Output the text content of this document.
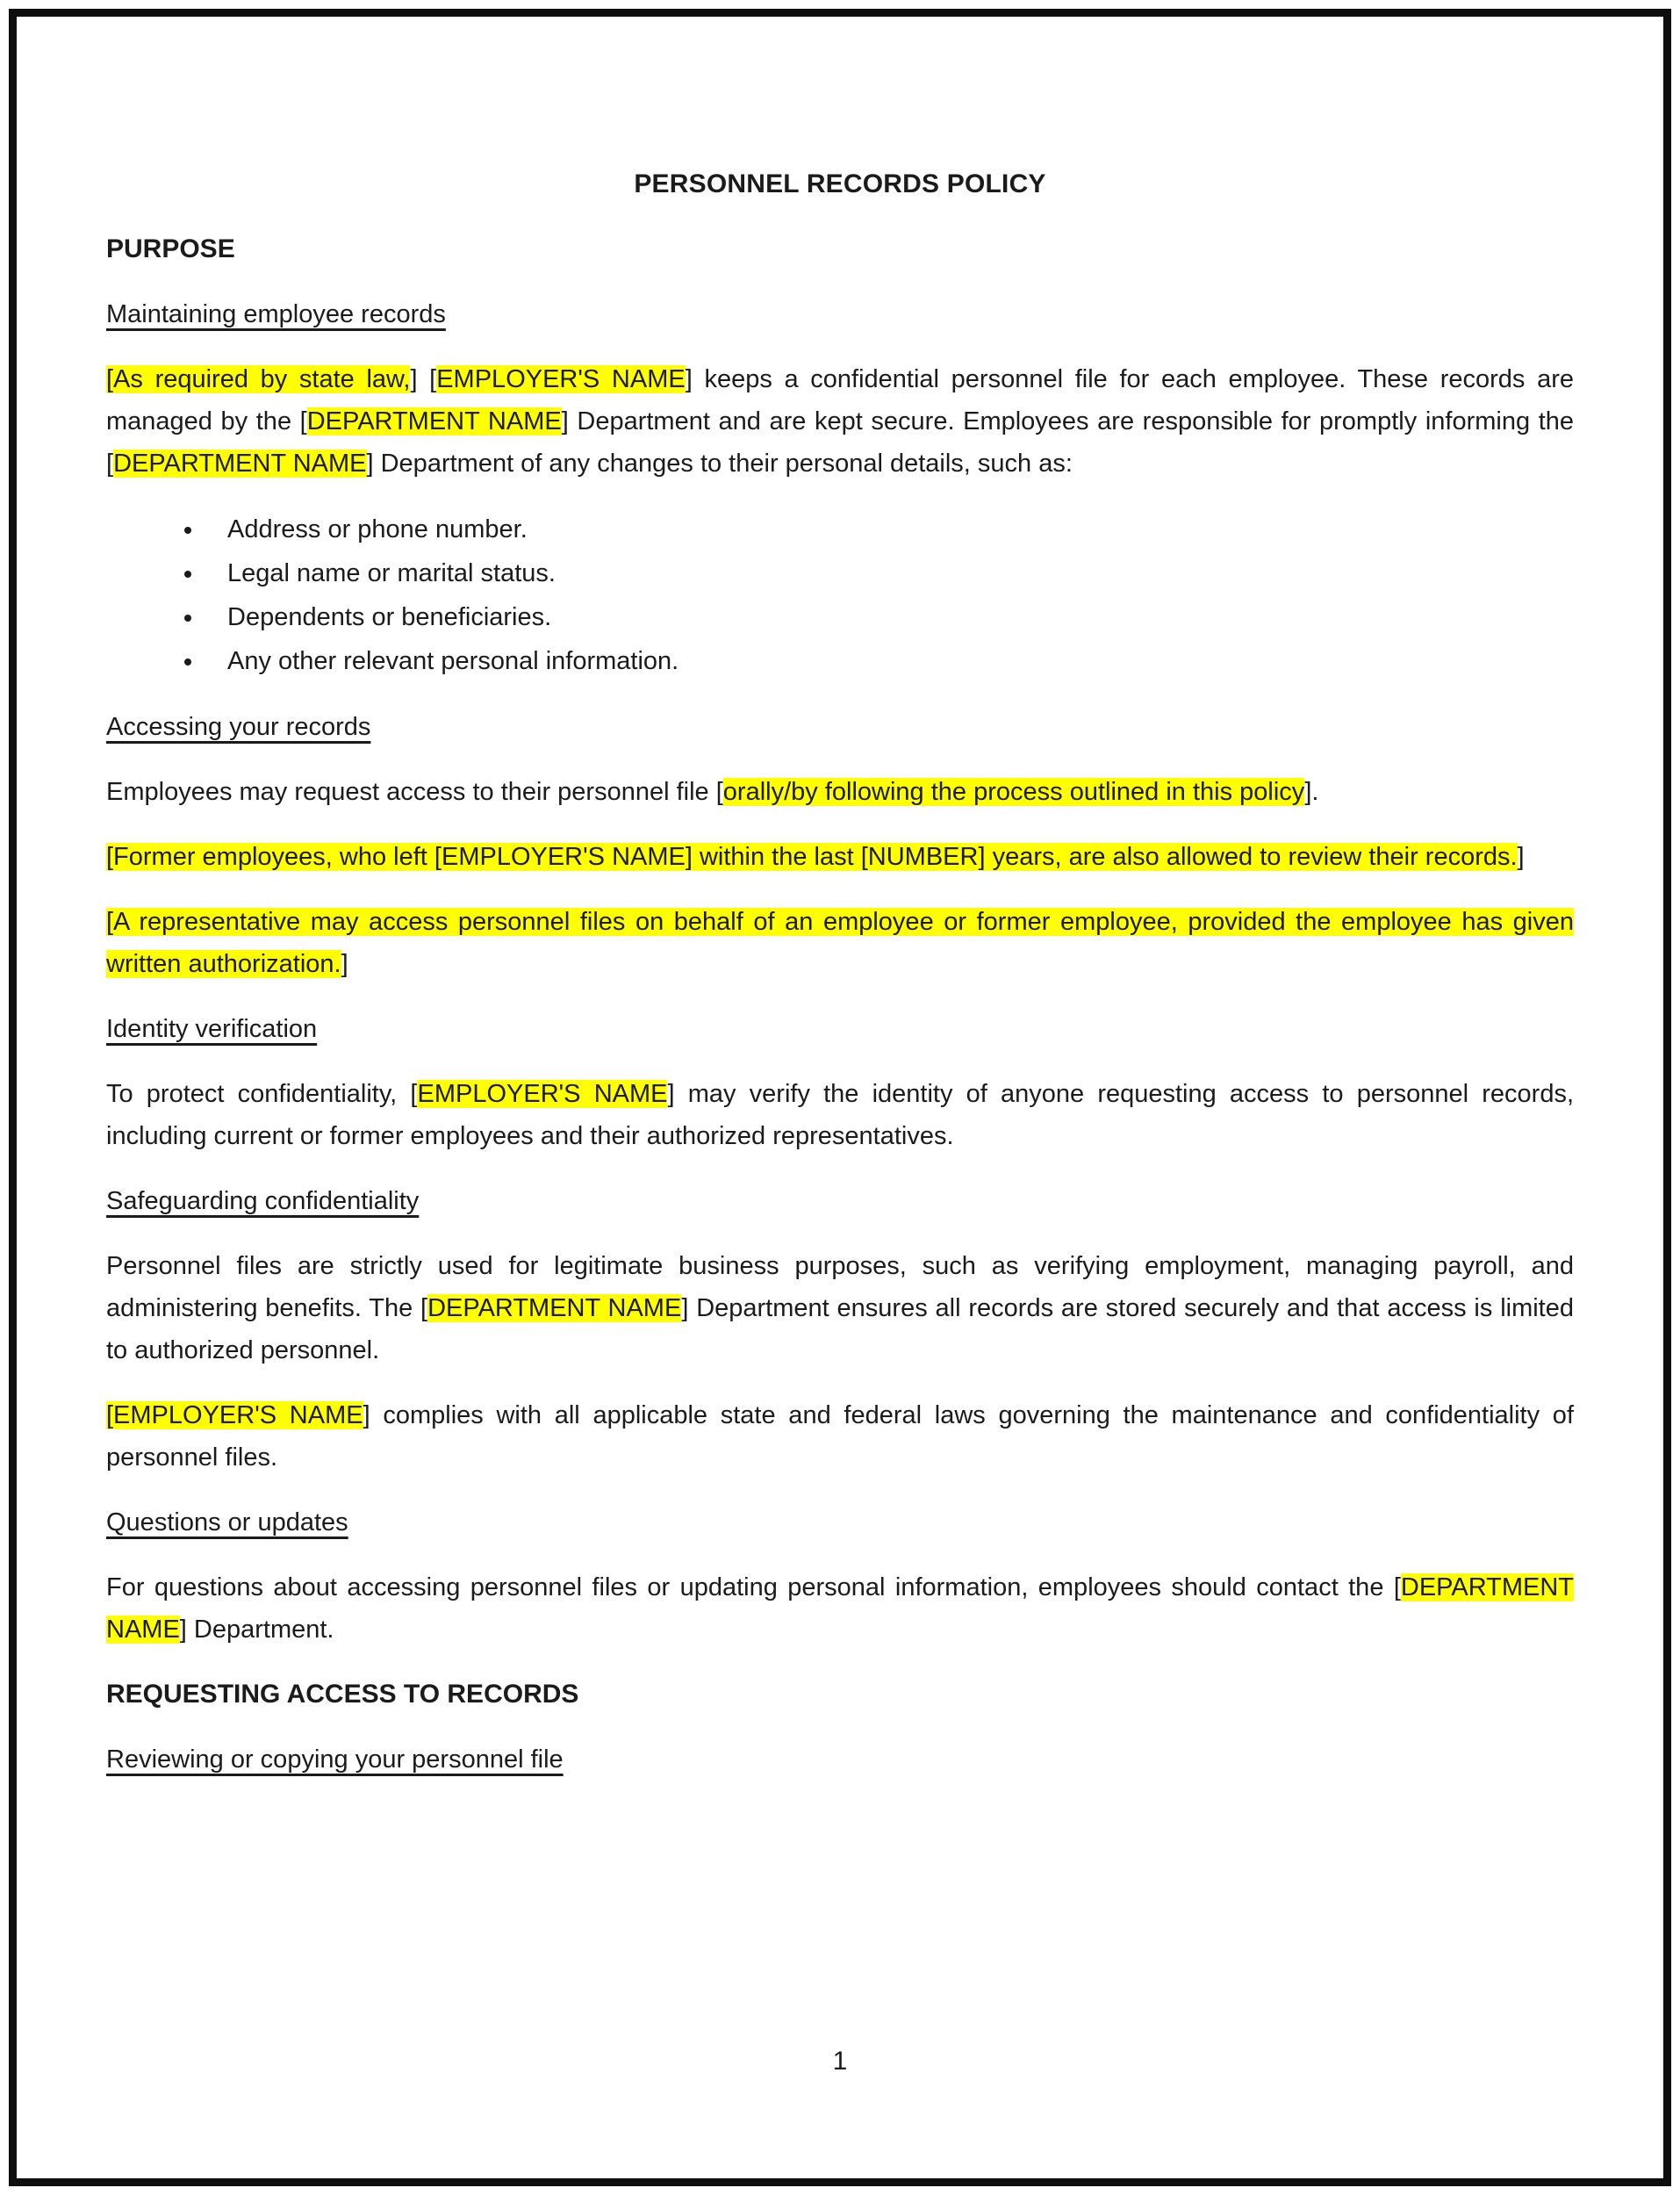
PERSONNEL RECORDS POLICY
PURPOSE
Maintaining employee records
[As required by state law,] [EMPLOYER'S NAME] keeps a confidential personnel file for each employee. These records are managed by the [DEPARTMENT NAME] Department and are kept secure. Employees are responsible for promptly informing the [DEPARTMENT NAME] Department of any changes to their personal details, such as:
• Address or phone number.
• Legal name or marital status.
• Dependents or beneficiaries.
• Any other relevant personal information.
Accessing your records
Employees may request access to their personnel file [orally/by following the process outlined in this policy].
[Former employees, who left [EMPLOYER'S NAME] within the last [NUMBER] years, are also allowed to review their records.]
[A representative may access personnel files on behalf of an employee or former employee, provided the employee has given written authorization.]
Identity verification
To protect confidentiality, [EMPLOYER'S NAME] may verify the identity of anyone requesting access to personnel records, including current or former employees and their authorized representatives.
Safeguarding confidentiality
Personnel files are strictly used for legitimate business purposes, such as verifying employment, managing payroll, and administering benefits. The [DEPARTMENT NAME] Department ensures all records are stored securely and that access is limited to authorized personnel.
[EMPLOYER'S NAME] complies with all applicable state and federal laws governing the maintenance and confidentiality of personnel files.
Questions or updates
For questions about accessing personnel files or updating personal information, employees should contact the [DEPARTMENT NAME] Department.
REQUESTING ACCESS TO RECORDS
Reviewing or copying your personnel file
1
